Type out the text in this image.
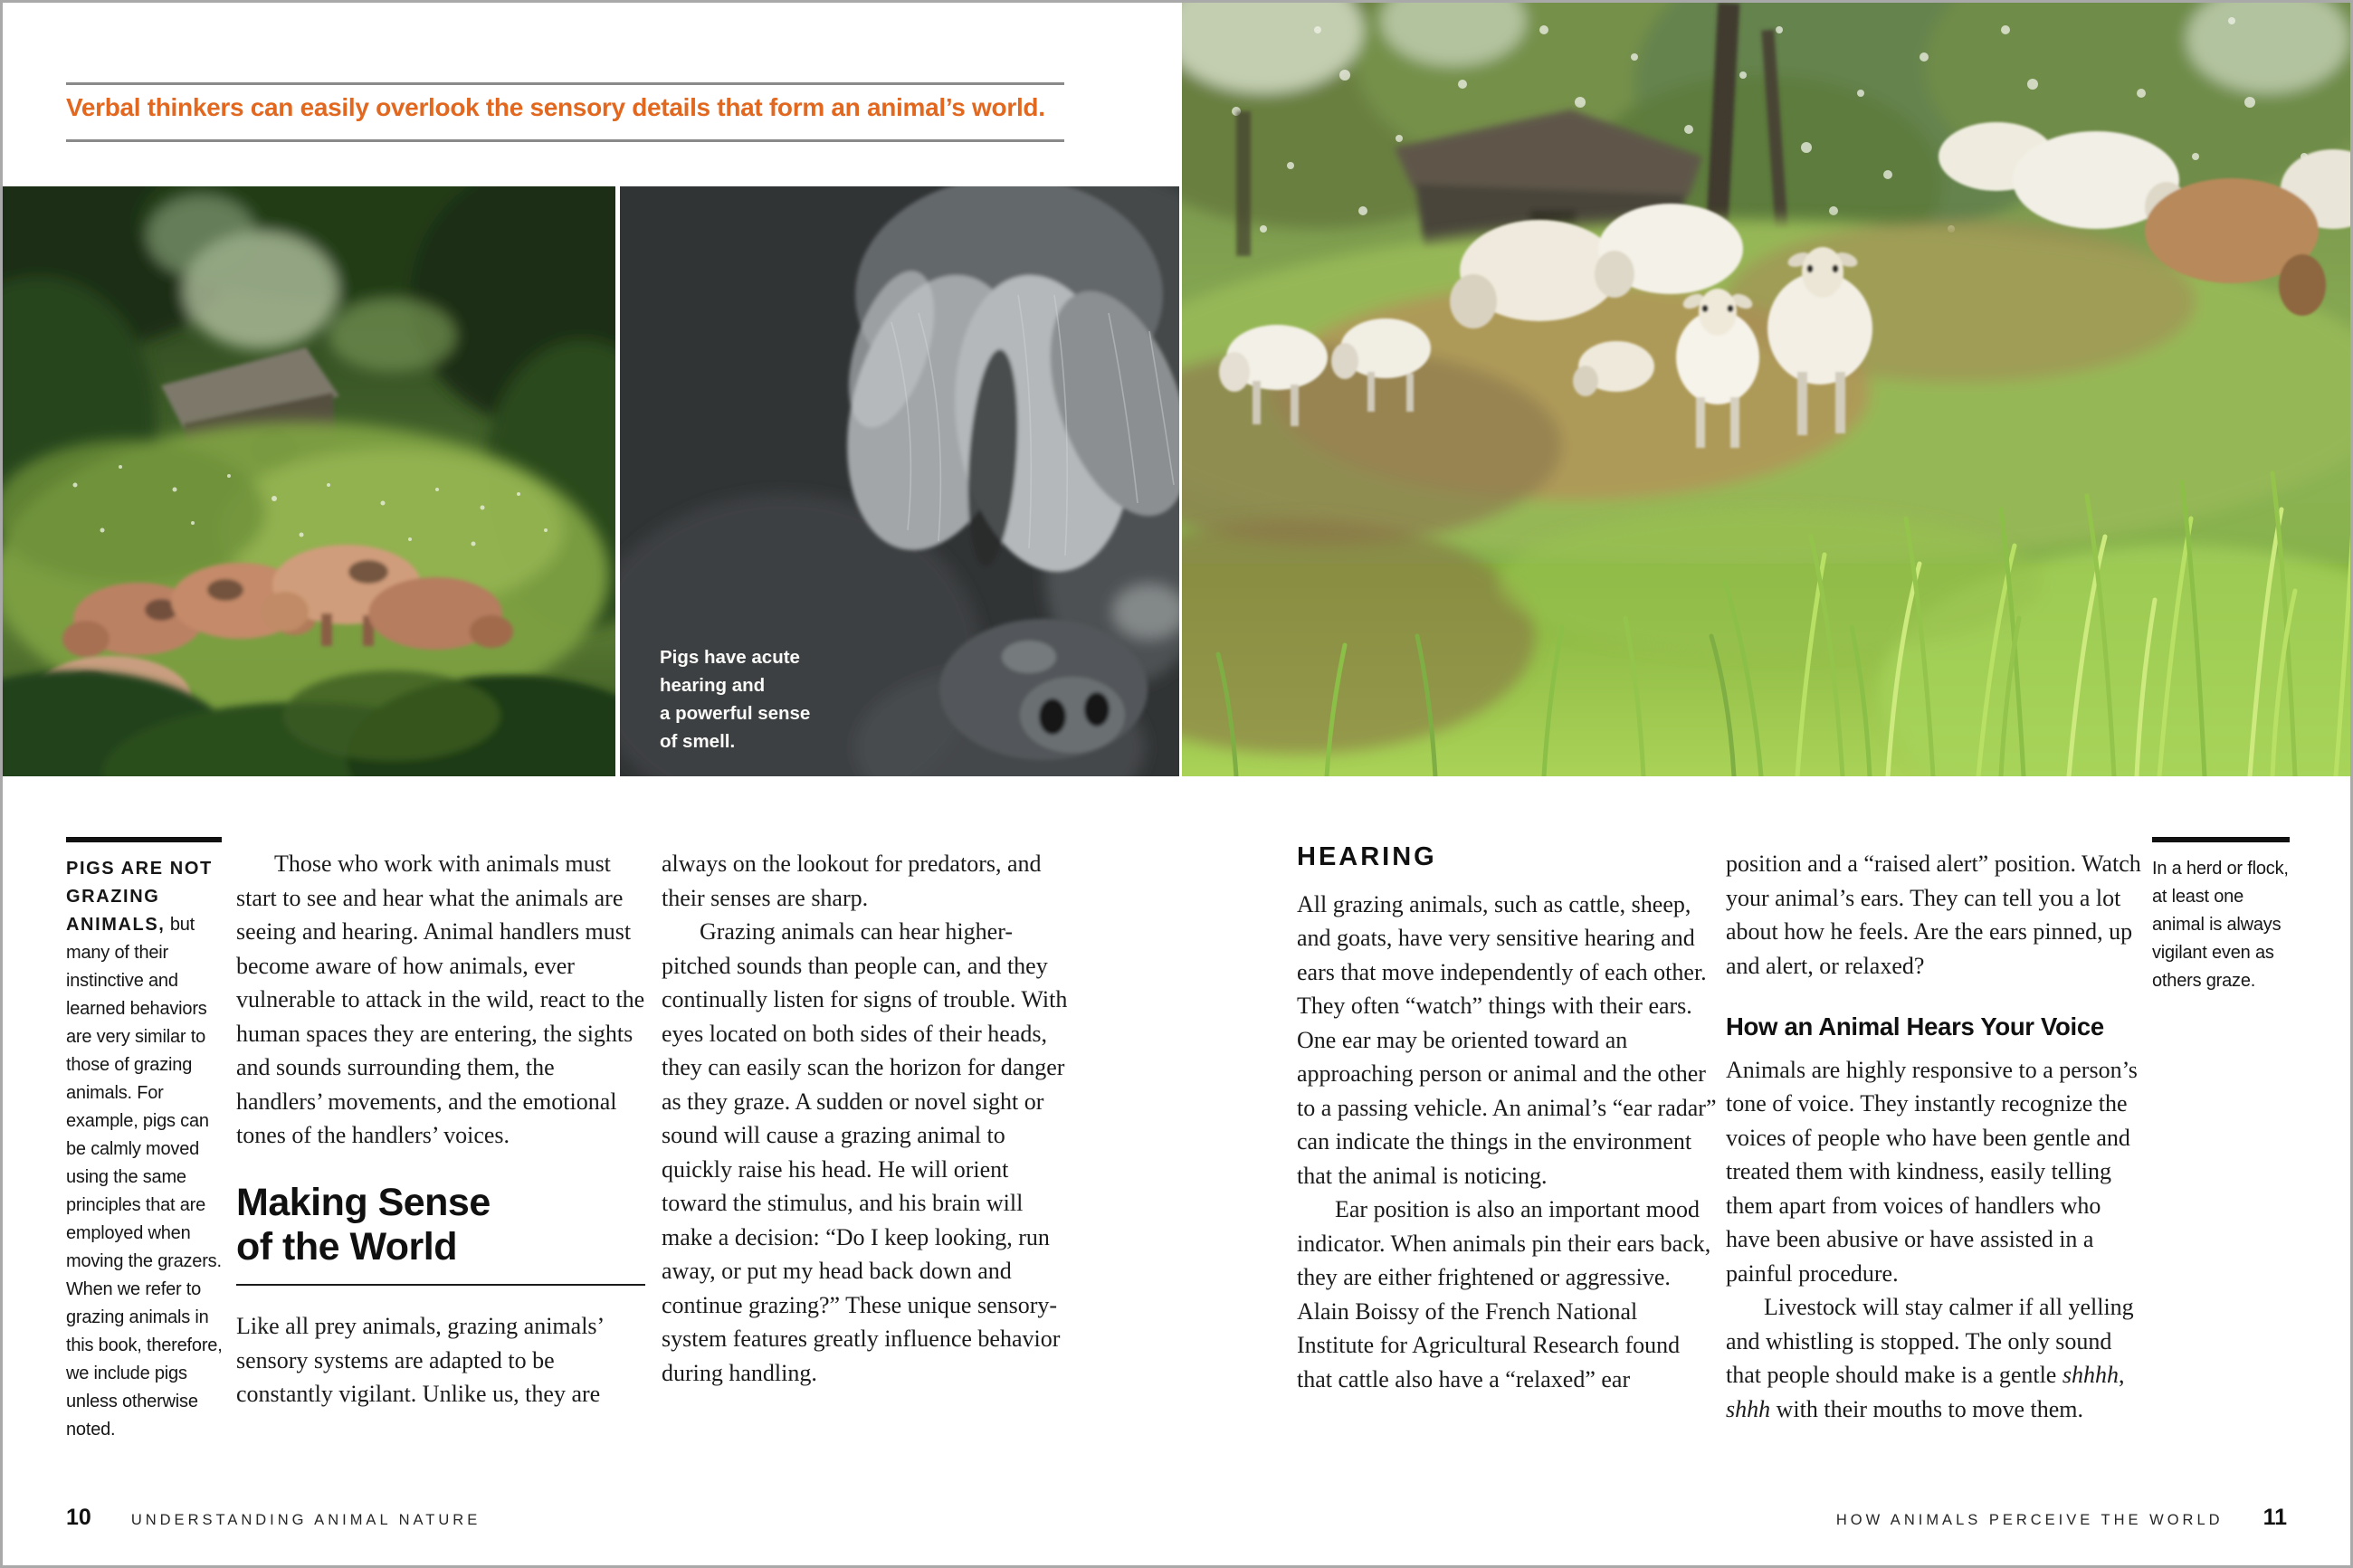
Verbal thinkers can easily overlook the sensory details that form an animal’s world.
Pigs have acute
hearing and
a powerful sense
of smell.

PIGS ARE NOT GRAZING ANIMALS, but many of their instinctive and learned behaviors are very similar to those of grazing animals. For example, pigs can be calmly moved using the same principles that are employed when moving the grazers. When we refer to grazing animals in this book, therefore, we include pigs unless otherwise noted.

Those who work with animals must start to see and hear what the animals are seeing and hearing. Animal handlers must become aware of how animals, ever vulnerable to attack in the wild, react to the human spaces they are entering, the sights and sounds surrounding them, the handlers’ movements, and the emotional tones of the handlers’ voices.

Making Sense
of the World

Like all prey animals, grazing animals’ sensory systems are adapted to be constantly vigilant. Unlike us, they are

always on the lookout for predators, and their senses are sharp.

Grazing animals can hear higher-pitched sounds than people can, and they continually listen for signs of trouble. With eyes located on both sides of their heads, they can easily scan the horizon for danger as they graze. A sudden or novel sight or sound will cause a grazing animal to quickly raise his head. He will orient toward the stimulus, and his brain will make a decision: “Do I keep looking, run away, or put my head back down and continue grazing?” These unique sensory-system features greatly influence behavior during handling.

HEARING

All grazing animals, such as cattle, sheep, and goats, have very sensitive hearing and ears that move independently of each other. They often “watch” things with their ears. One ear may be oriented toward an approaching person or animal and the other to a passing vehicle. An animal’s “ear radar” can indicate the things in the environment that the animal is noticing.

Ear position is also an important mood indicator. When animals pin their ears back, they are either frightened or aggressive. Alain Boissy of the French National Institute for Agricultural Research found that cattle also have a “relaxed” ear

position and a “raised alert” position. Watch your animal’s ears. They can tell you a lot about how he feels. Are the ears pinned, up and alert, or relaxed?

How an Animal Hears Your Voice

Animals are highly responsive to a person’s tone of voice. They instantly recognize the voices of people who have been gentle and treated them with kindness, easily telling them apart from voices of handlers who have been abusive or have assisted in a painful procedure.

Livestock will stay calmer if all yelling and whistling is stopped. The only sound that people should make is a gentle shhhh, shhh with their mouths to move them.

In a herd or flock, at least one animal is always vigilant even as others graze.

10	UNDERSTANDING ANIMAL NATURE	HOW ANIMALS PERCEIVE THE WORLD 11
